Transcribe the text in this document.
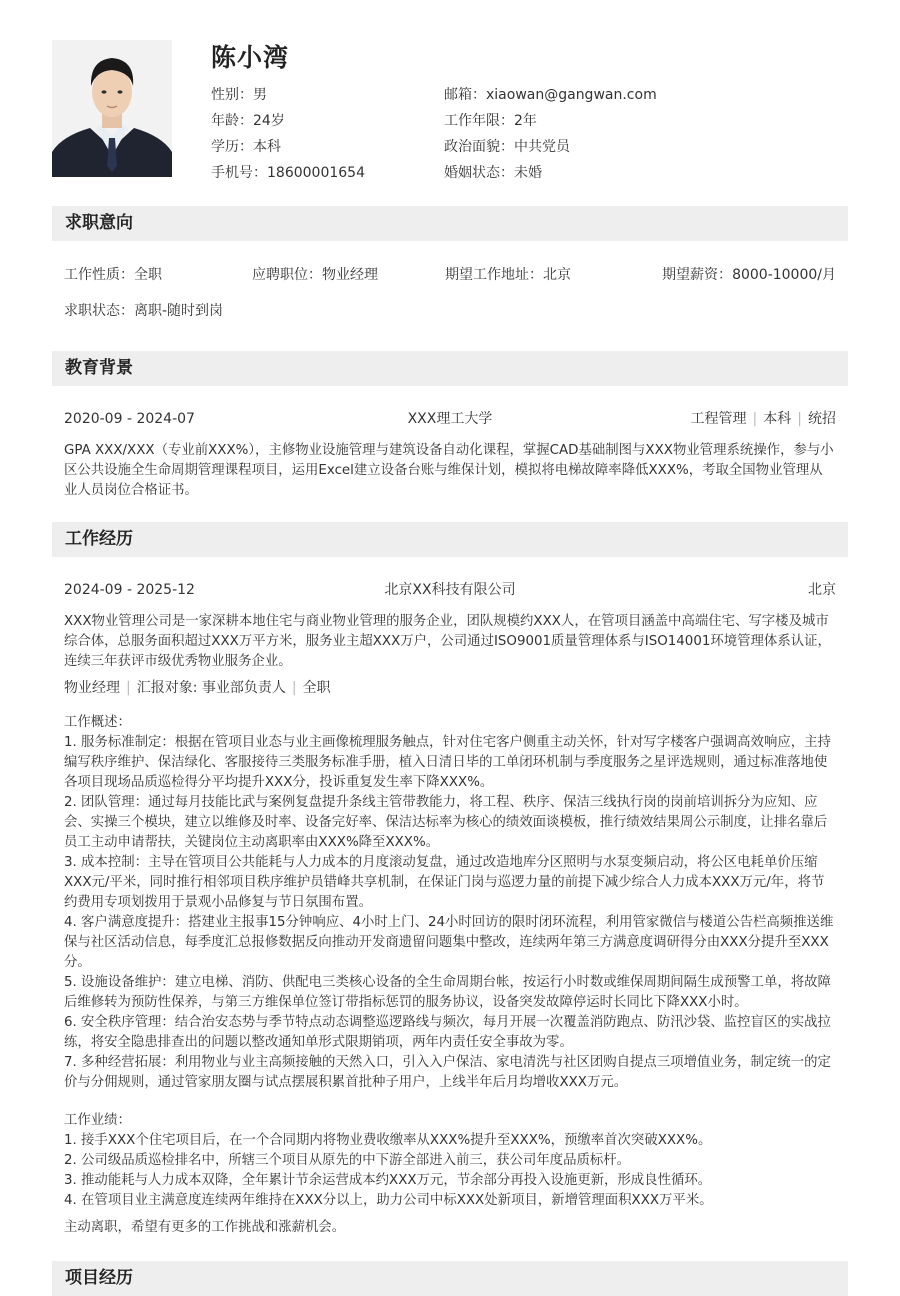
陈小湾
性别： 男	邮箱： xiaowan@gangwan.com
年龄： 24岁	工作年限： 2年
学历： 本科	政治面貌： 中共党员
手机号： 18600001654	婚姻状态： 未婚
求职意向
工作性质：全职	应聘职位：物业经理	期望工作地址：北京	期望薪资：8000-10000/月
求职状态：离职-随时到岗
教育背景
2020-09 - 2024-07	XXX理工大学	工程管理 | 本科 | 统招

GPA XXX/XXX（专业前XXX%），主修物业设施管理与建筑设备自动化课程，掌握CAD基础制图与XXX物业管理系统操作，参与小区公共设施全生命周期管理课程项目，运用Excel建立设备台账与维保计划，模拟将电梯故障率降低XXX%，考取全国物业管理从业人员岗位合格证书。

工作经历
2024-09 - 2025-12	北京XX科技有限公司	北京

XXX物业管理公司是一家深耕本地住宅与商业物业管理的服务企业，团队规模约XXX人，在管项目涵盖中高端住宅、写字楼及城市综合体，总服务面积超过XXX万平方米，服务业主超XXX万户，公司通过ISO9001质量管理体系与ISO14001环境管理体系认证，连续三年获评市级优秀物业服务企业。

物业经理 | 汇报对象: 事业部负责人 | 全职

工作概述：

1. 服务标准制定：根据在管项目业态与业主画像梳理服务触点，针对住宅客户侧重主动关怀，针对写字楼客户强调高效响应，主持编写秩序维护、保洁绿化、客服接待三类服务标准手册，植入日清日毕的工单闭环机制与季度服务之星评选规则，通过标准落地使各项目现场品质巡检得分平均提升XXX分，投诉重复发生率下降XXX%。

2. 团队管理：通过每月技能比武与案例复盘提升条线主管带教能力，将工程、秩序、保洁三线执行岗的岗前培训拆分为应知、应会、实操三个模块，建立以维修及时率、设备完好率、保洁达标率为核心的绩效面谈模板，推行绩效结果周公示制度，让排名靠后员工主动申请帮扶，关键岗位主动离职率由XXX%降至XXX%。

3. 成本控制：主导在管项目公共能耗与人力成本的月度滚动复盘，通过改造地库分区照明与水泵变频启动，将公区电耗单价压缩XXX元/平米，同时推行相邻项目秩序维护员错峰共享机制，在保证门岗与巡逻力量的前提下减少综合人力成本XXX万元/年，将节约费用专项划拨用于景观小品修复与节日氛围布置。

4. 客户满意度提升：搭建业主报事15分钟响应、4小时上门、24小时回访的限时闭环流程，利用管家微信与楼道公告栏高频推送维保与社区活动信息，每季度汇总报修数据反向推动开发商遗留问题集中整改，连续两年第三方满意度调研得分由XXX分提升至XXX分。

5. 设施设备维护：建立电梯、消防、供配电三类核心设备的全生命周期台帐，按运行小时数或维保周期间隔生成预警工单，将故障后维修转为预防性保养，与第三方维保单位签订带指标惩罚的服务协议，设备突发故障停运时长同比下降XXX小时。

6. 安全秩序管理：结合治安态势与季节特点动态调整巡逻路线与频次，每月开展一次覆盖消防跑点、防汛沙袋、监控盲区的实战拉练，将安全隐患排查出的问题以整改通知单形式限期销项，两年内责任安全事故为零。

7. 多种经营拓展：利用物业与业主高频接触的天然入口，引入入户保洁、家电清洗与社区团购自提点三项增值业务，制定统一的定价与分佣规则，通过管家朋友圈与试点摆展积累首批种子用户，上线半年后月均增收XXX万元。

工作业绩：

1. 接手XXX个住宅项目后，在一个合同期内将物业费收缴率从XXX%提升至XXX%，预缴率首次突破XXX%。

2. 公司级品质巡检排名中，所辖三个项目从原先的中下游全部进入前三，获公司年度品质标杆。

3. 推动能耗与人力成本双降，全年累计节余运营成本约XXX万元，节余部分再投入设施更新，形成良性循环。

4. 在管项目业主满意度连续两年维持在XXX分以上，助力公司中标XXX处新项目，新增管理面积XXX万平米。

主动离职，希望有更多的工作挑战和涨薪机会。

项目经历
